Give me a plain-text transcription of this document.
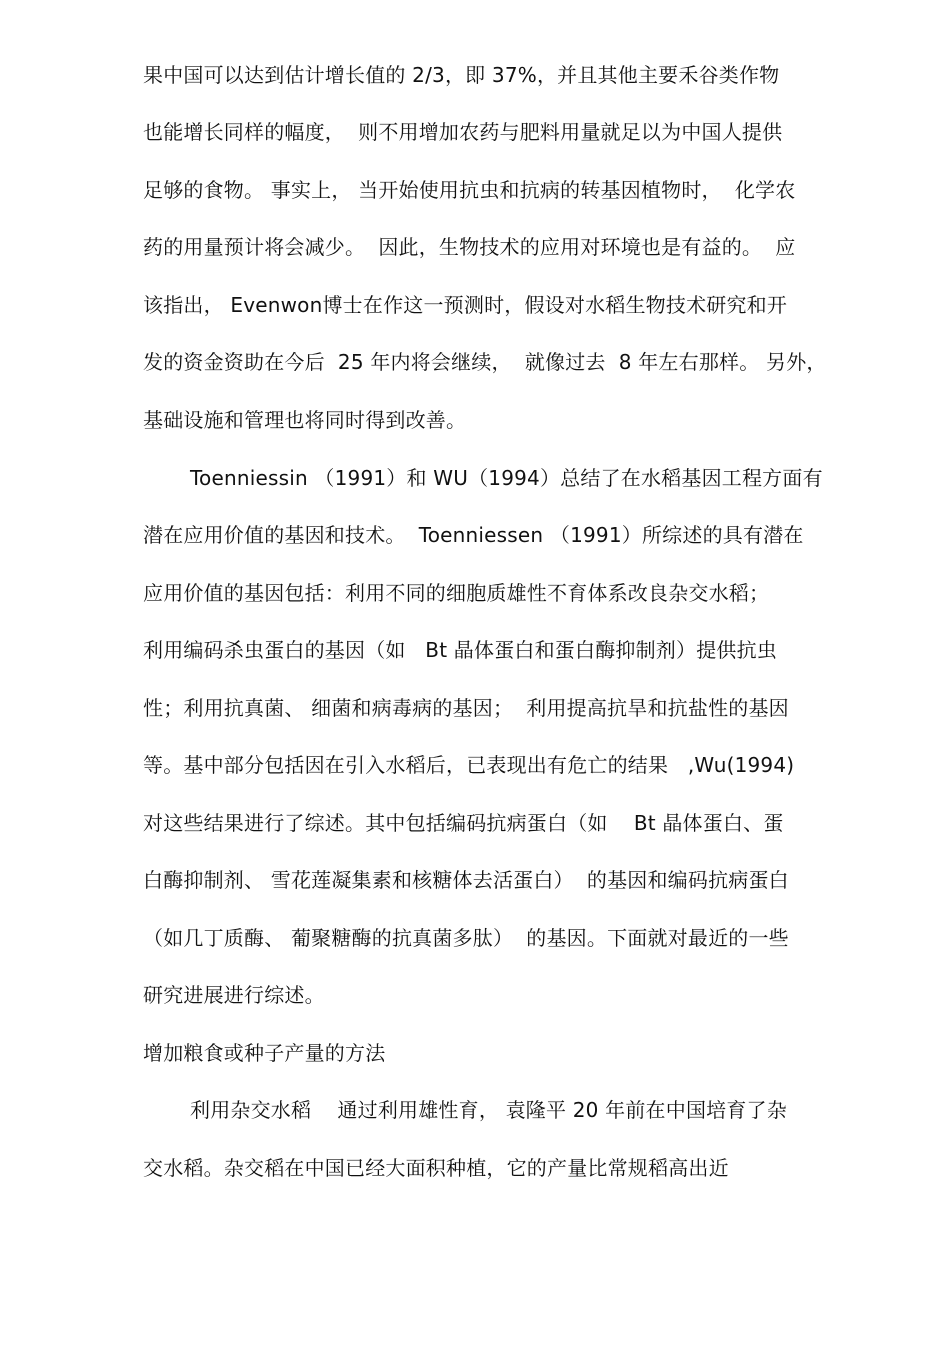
果中国可以达到估计增长值的 2/3，即 37%，并且其他主要禾谷类作物
也能增长同样的幅度，  则不用增加农药与肥料用量就足以为中国人提供
足够的食物。 事实上， 当开始使用抗虫和抗病的转基因植物时，  化学农
药的用量预计将会减少。  因此，生物技术的应用对环境也是有益的。  应
该指出， Evenwon博士在作这一预测时，假设对水稻生物技术研究和开
发的资金资助在今后  25 年内将会继续，  就像过去  8 年左右那样。 另外，
基础设施和管理也将同时得到改善。
Toenniessin （1991）和 WU（1994）总结了在水稻基因工程方面有
潜在应用价值的基因和技术。  Toenniessen （1991）所综述的具有潜在
应用价值的基因包括：利用不同的细胞质雄性不育体系改良杂交水稻；
利用编码杀虫蛋白的基因（如   Bt 晶体蛋白和蛋白酶抑制剂）提供抗虫
性；利用抗真菌、 细菌和病毒病的基因；  利用提高抗旱和抗盐性的基因
等。基中部分包括因在引入水稻后，已表现出有危亡的结果   ,Wu(1994)
对这些结果进行了综述。其中包括编码抗病蛋白（如    Bt 晶体蛋白、蛋
白酶抑制剂、 雪花莲凝集素和核糖体去活蛋白）  的基因和编码抗病蛋白
（如几丁质酶、 葡聚糖酶的抗真菌多肽）  的基因。下面就对最近的一些
研究进展进行综述。
增加粮食或种子产量的方法
利用杂交水稻    通过利用雄性育， 袁隆平 20 年前在中国培育了杂
交水稻。杂交稻在中国已经大面积种植，它的产量比常规稻高出近
